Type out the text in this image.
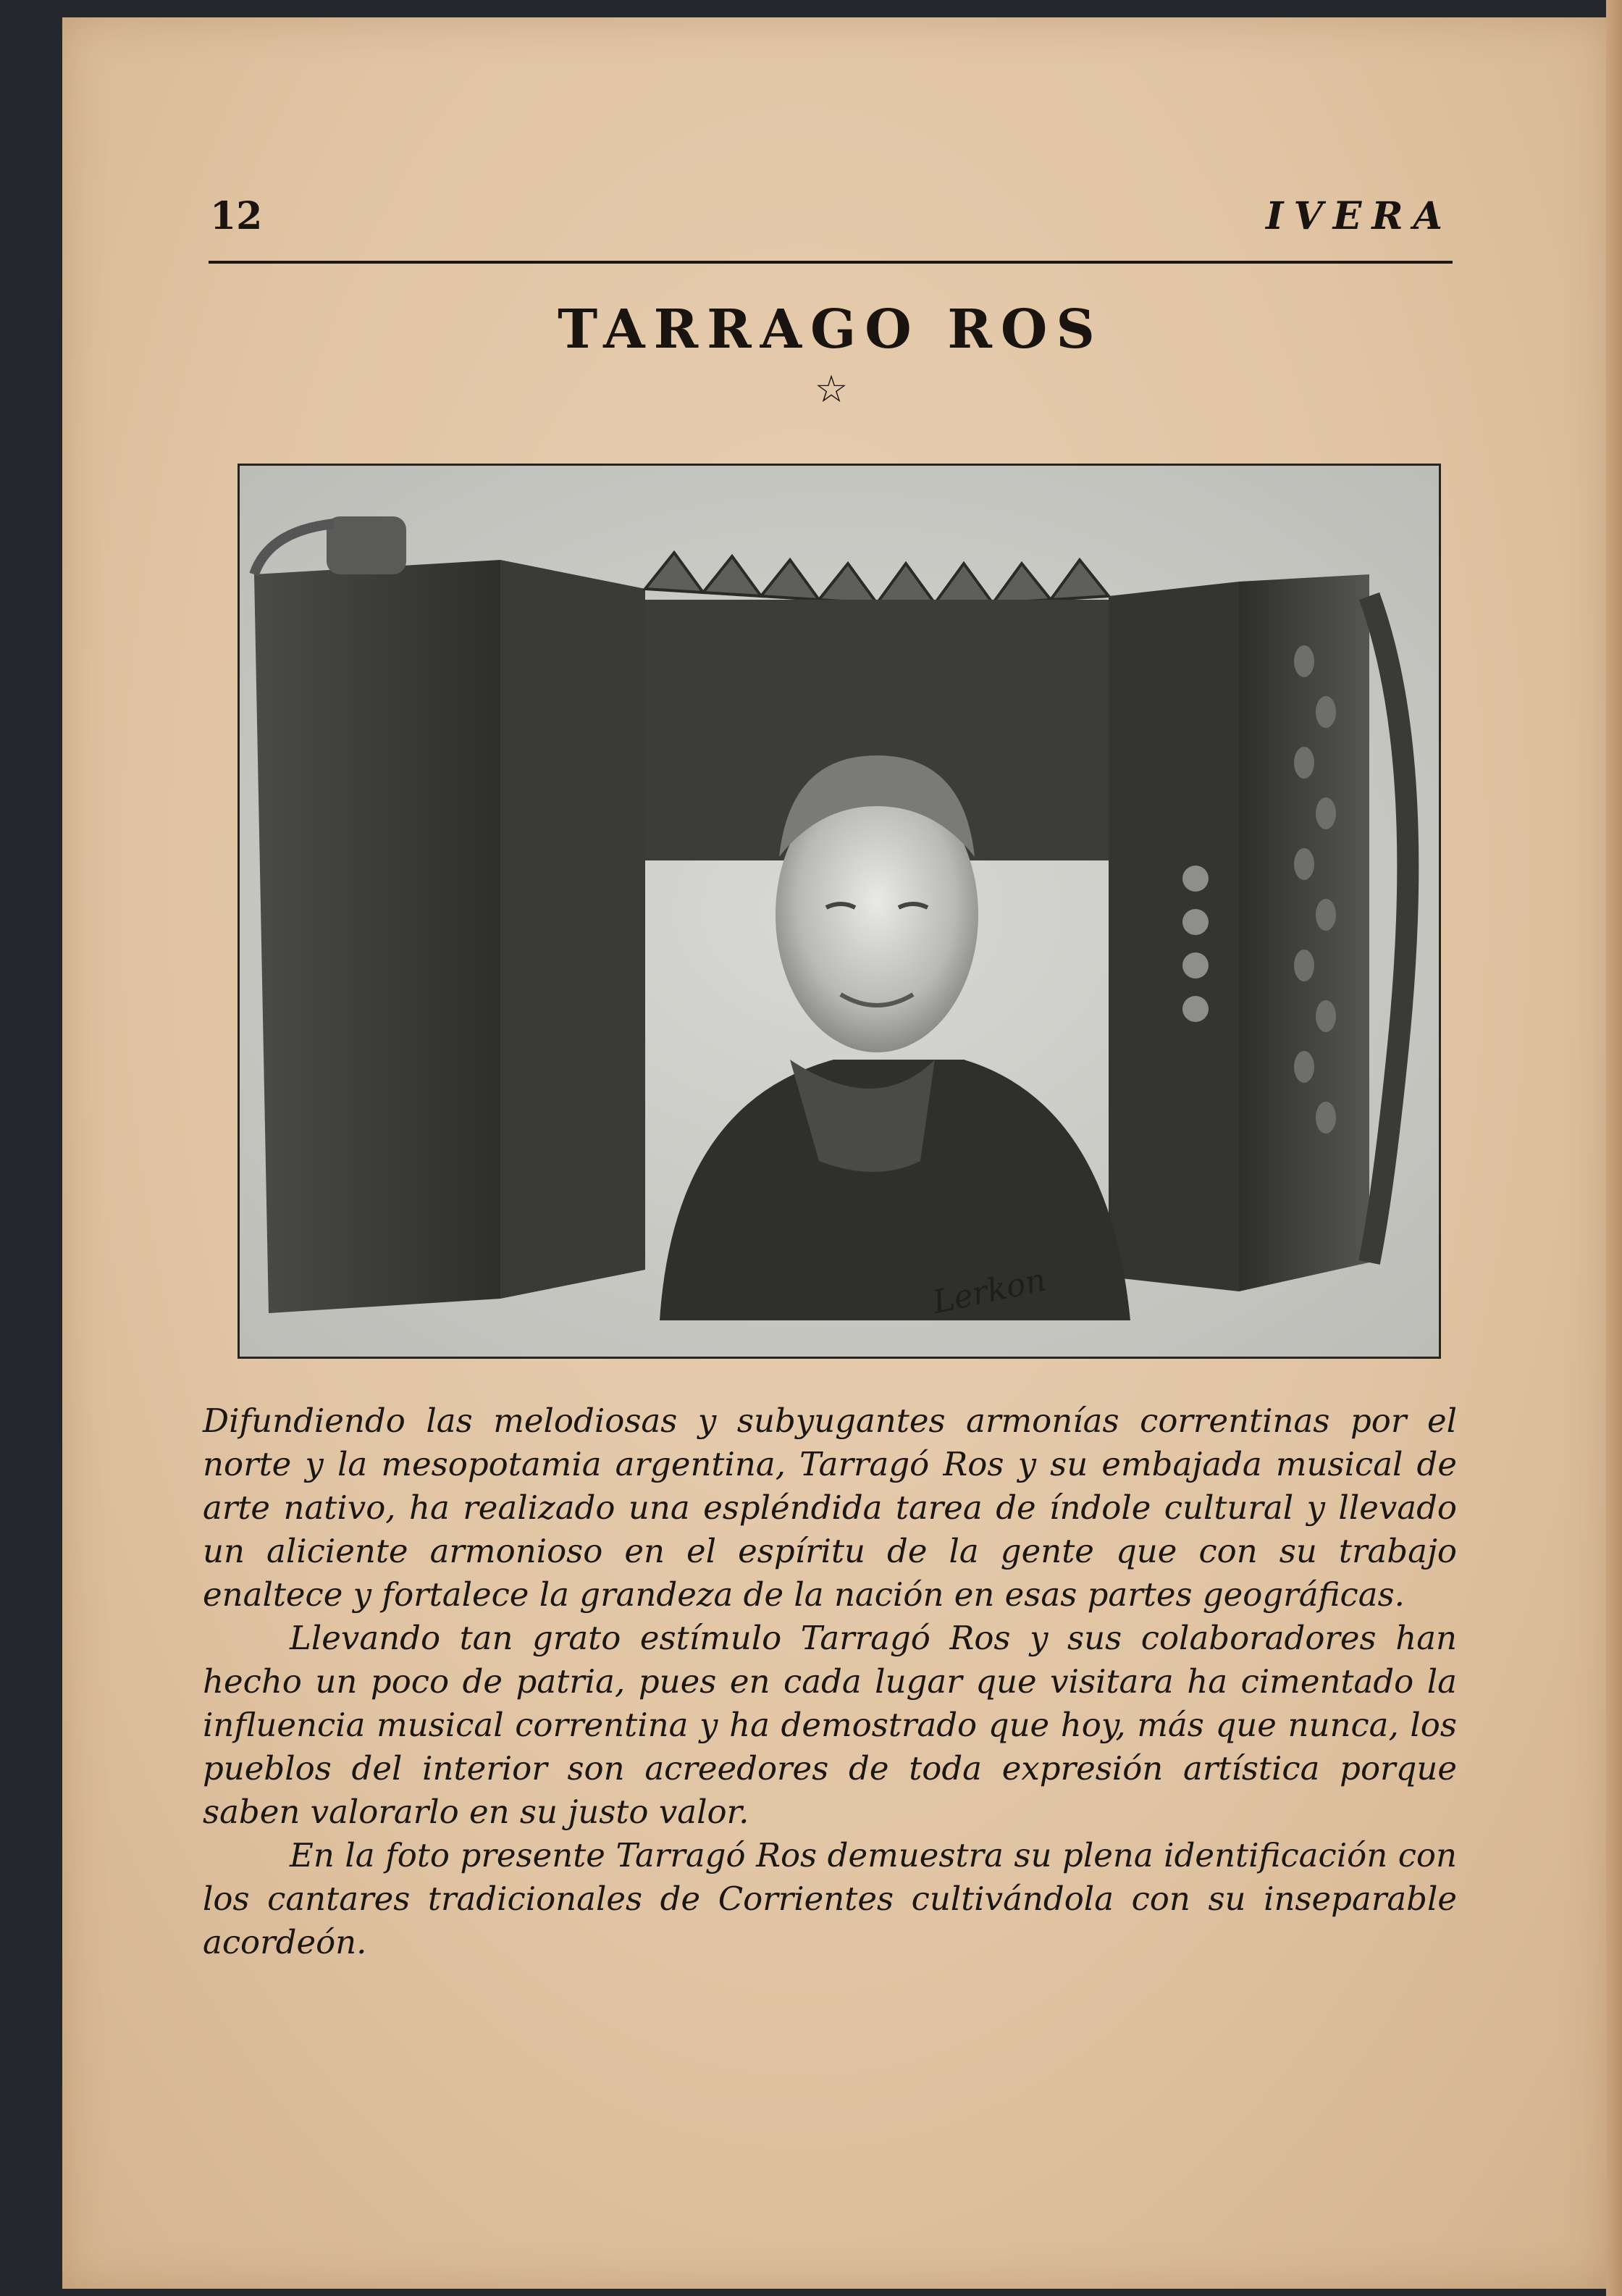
12	IVERA
TARRAGO ROS
☆
Lerkon

Difundiendo las melodiosas y subyugantes armonías correntinas por el norte y la mesopotamia argentina, Tarragó Ros y su embajada musical de arte nativo, ha realizado una espléndida tarea de índole cultural y llevado un aliciente armonioso en el espíritu de la gente que con su trabajo enaltece y fortalece la grandeza de la nación en esas partes geográficas.

Llevando tan grato estímulo Tarragó Ros y sus colaboradores han hecho un poco de patria, pues en cada lugar que visitara ha cimentado la influencia musical correntina y ha demostrado que hoy, más que nunca, los pueblos del interior son acreedores de toda expresión artística porque saben valorarlo en su justo valor.

En la foto presente Tarragó Ros demuestra su plena identificación con los cantares tradicionales de Corrientes cultivándola con su inseparable acordeón.
